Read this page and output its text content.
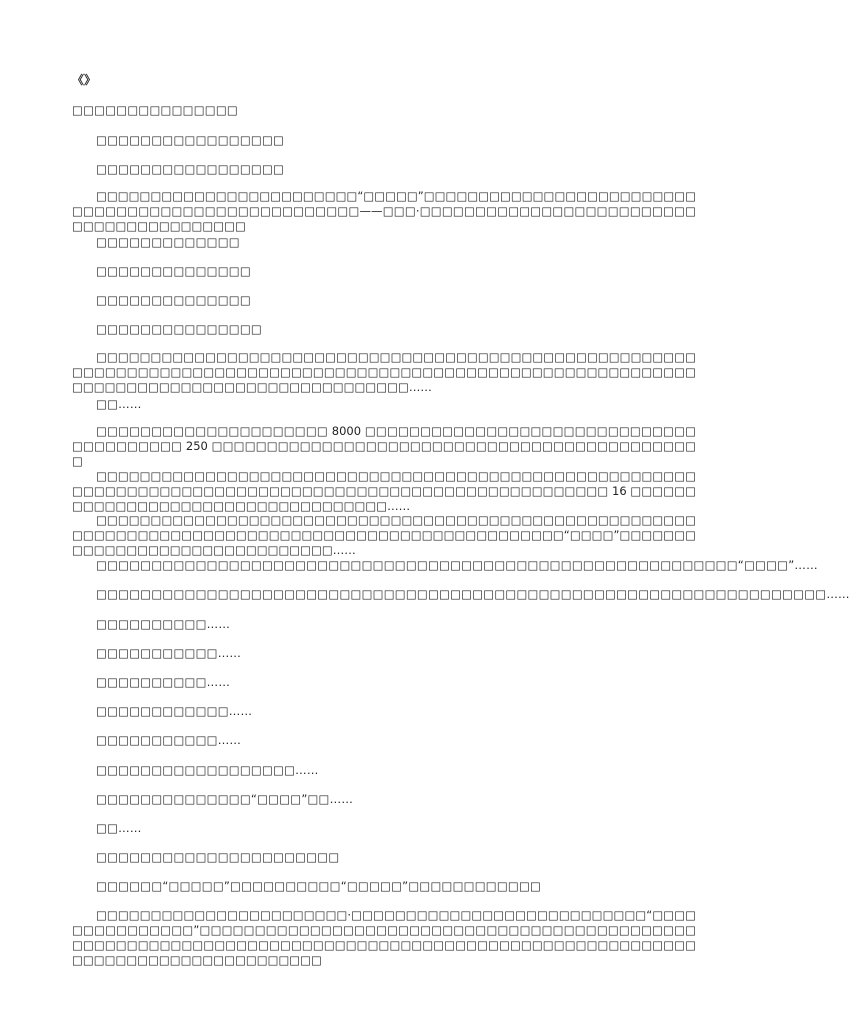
《》
□□□□□□□□□□□□□□□
□□□□□□□□□□□□□□□□□
□□□□□□□□□□□□□□□□□
□□□□□□□□□□□□□□□□□□□□□□□□“□□□□□”□□□□□□□□□□□□□□□□□□□□□□□□□□□□□□□□□□□□□□□□□□□□□□□□□□□——□□□·□□□□□□□□□□□□□□□□□□□□□□□□□□□□□□□□□□□□□□□□□
□□□□□□□□□□□□□
□□□□□□□□□□□□□□
□□□□□□□□□□□□□□
□□□□□□□□□□□□□□□
□□□□□□□□□□□□□□□□□□□□□□□□□□□□□□□□□□□□□□□□□□□□□□□□□□□□□□□□□□□□□□□□□□□□□□□□□□□□□□□□□□□□□□□□□□□□□□□□□□□□□□□□□□□□□□□□□□□□□□□□□□□□□□□□□□□□□□□□□□□□□□□……
□□……
□□□□□□□□□□□□□□□□□□□□□ 8000 □□□□□□□□□□□□□□□□□□□□□□□□□□□□□□□□□□□□□□□□ 250 □□□□□□□□□□□□□□□□□□□□□□□□□□□□□□□□□□□□□□□□□□□□□
□□□□□□□□□□□□□□□□□□□□□□□□□□□□□□□□□□□□□□□□□□□□□□□□□□□□□□□□□□□□□□□□□□□□□□□□□□□□□□□□□□□□□□□□□□□□□□□□□□□□□□□□ 16 □□□□□□□□□□□□□□□□□□□□□□□□□□□□□□□□□□□……
□□□□□□□□□□□□□□□□□□□□□□□□□□□□□□□□□□□□□□□□□□□□□□□□□□□□□□□□□□□□□□□□□□□□□□□□□□□□□□□□□□□□□□□□□□□□□□□□□□□□“□□□□”□□□□□□□□□□□□□□□□□□□□□□□□□□□□□□□……
□□□□□□□□□□□□□□□□□□□□□□□□□□□□□□□□□□□□□□□□□□□□□□□□□□□□□□□□□□“□□□□”……
□□□□□□□□□□□□□□□□□□□□□□□□□□□□□□□□□□□□□□□□□□□□□□□□□□□□□□□□□□□□□□□□□□……
□□□□□□□□□□……
□□□□□□□□□□□……
□□□□□□□□□□……
□□□□□□□□□□□□……
□□□□□□□□□□□……
□□□□□□□□□□□□□□□□□□……
□□□□□□□□□□□□□□“□□□□”□□……
□□……
□□□□□□□□□□□□□□□□□□□□□□
□□□□□□“□□□□□”□□□□□□□□□□“□□□□□”□□□□□□□□□□□□
□□□□□□□□□□□□□□□□□□□□□□□·□□□□□□□□□□□□□□□□□□□□□□□□□□□“□□□□□□□□□□□□□□□”□□□□□□□□□□□□□□□□□□□□□□□□□□□□□□□□□□□□□□□□□□□□□□□□□□□□□□□□□□□□□□□□□□□□□□□□□□□□□□□□□□□□□□□□□□□□□□□□□□□□□□□□□□□□□□□□□□□□□□□□□□□□□
